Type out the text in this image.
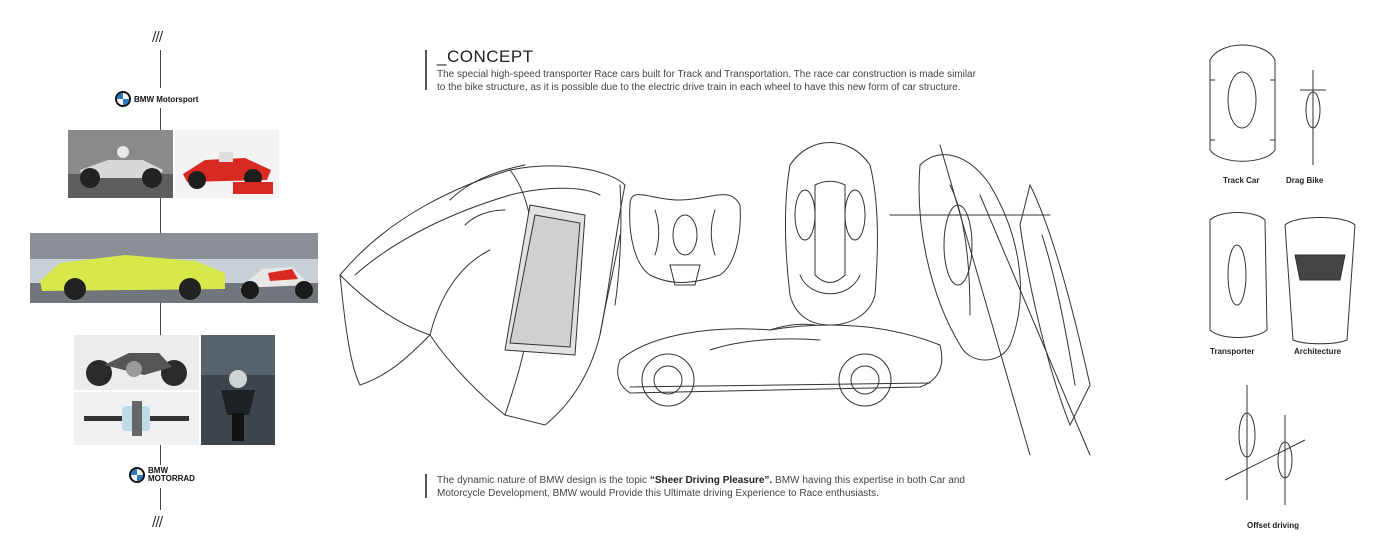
///
BMW Motorsport
BMW
MOTORRAD
///
_CONCEPT
The special high-speed transporter Race cars built for Track and Transportation. The race car construction is made similar to the bike structure, as it is possible due to the electric drive train in each wheel to have this new form of car structure.
The dynamic nature of BMW design is the topic “Sheer Driving Pleasure”. BMW having this expertise in both Car and Motorcycle Development, BMW would Provide this Ultimate driving Experience to Race enthusiasts.
Track Car	Drag Bike
Transporter	Architecture
Offset driving
